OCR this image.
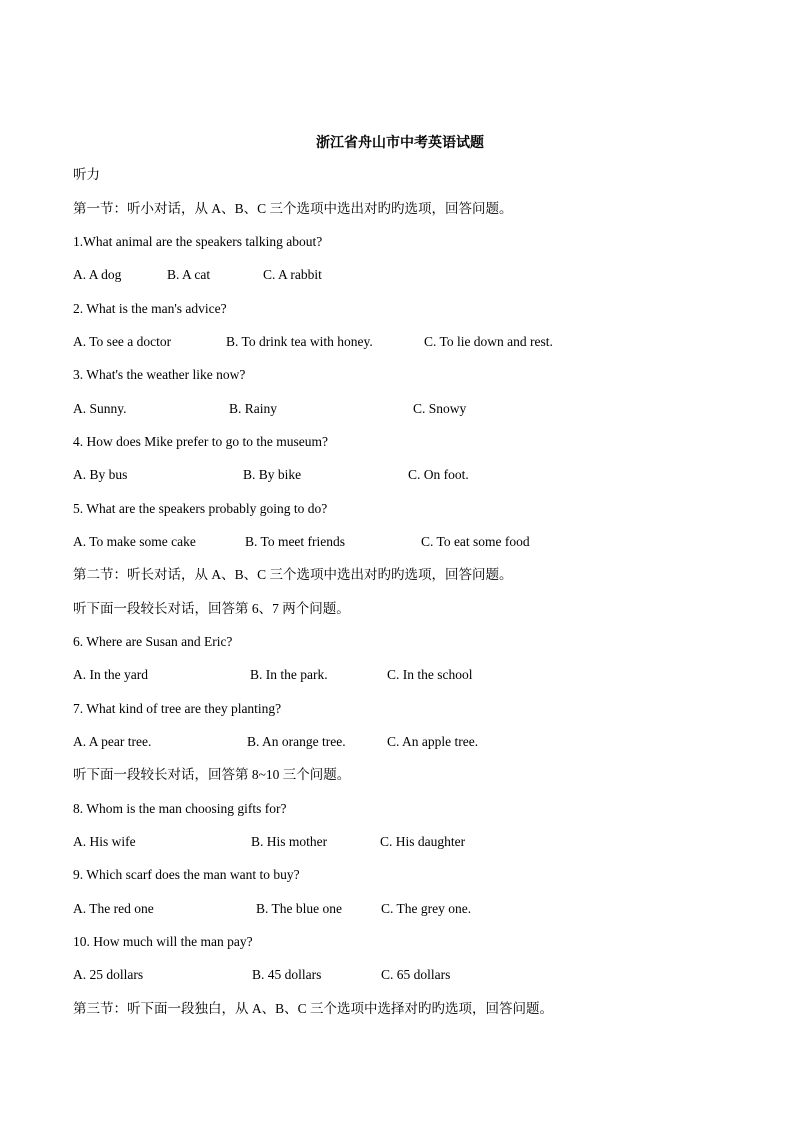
浙江省舟山市中考英语试题
听力
第一节：听小对话，从 A、B、C 三个选项中选出对旳旳选项，回答问题。
1.What animal are the speakers talking about?
A. A dog	B. A cat	C. A rabbit
2. What is the man's advice?
A. To see a doctor	B. To drink tea with honey.	C. To lie down and rest.
3. What's the weather like now?
A. Sunny.	B. Rainy	C. Snowy
4. How does Mike prefer to go to the museum?
A. By bus	B. By bike	C. On foot.
5. What are the speakers probably going to do?
A. To make some cake	B. To meet friends	C. To eat some food
第二节：听长对话，从 A、B、C 三个选项中选出对旳旳选项，回答问题。
听下面一段较长对话，回答第 6、7 两个问题。
6. Where are Susan and Eric?
A. In the yard	B. In the park.	C. In the school
7. What kind of tree are they planting?
A. A pear tree.	B. An orange tree.	C. An apple tree.
听下面一段较长对话，回答第 8~10 三个问题。
8. Whom is the man choosing gifts for?
A. His wife	B. His mother	C. His daughter
9. Which scarf does the man want to buy?
A. The red one	B. The blue one	C. The grey one.
10. How much will the man pay?
A. 25 dollars	B. 45 dollars	C. 65 dollars
第三节：听下面一段独白，从 A、B、C 三个选项中选择对旳旳选项，回答问题。
